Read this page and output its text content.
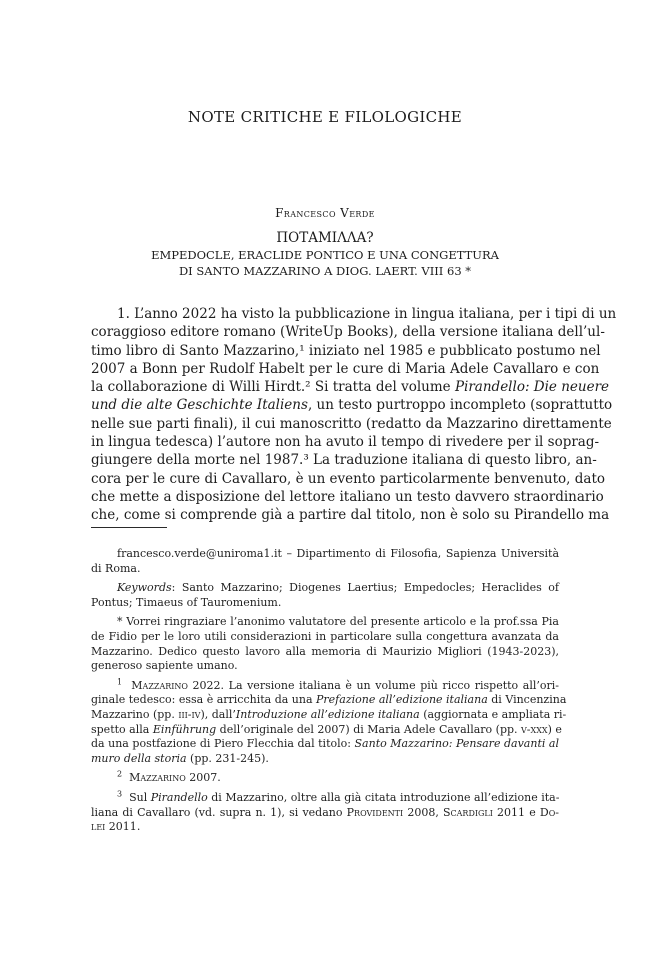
NOTE CRITICHE E FILOLOGICHE
Francesco Verde
ΠΟΤΑΜΙΛΛΑ?
EMPEDOCLE, ERACLIDE PONTICO E UNA CONGETTURA
DI SANTO MAZZARINO A DIOG. LAERT. VIII 63 *
1. L’anno 2022 ha visto la pubblicazione in lingua italiana, per i tipi di un
coraggioso editore romano (WriteUp Books), della versione italiana dell’ul-
timo libro di Santo Mazzarino,¹ iniziato nel 1985 e pubblicato postumo nel
2007 a Bonn per Rudolf Habelt per le cure di Maria Adele Cavallaro e con
la collaborazione di Willi Hirdt.² Si tratta del volume Pirandello: Die neuere
und die alte Geschichte Italiens, un testo purtroppo incompleto (soprattutto
nelle sue parti finali), il cui manoscritto (redatto da Mazzarino direttamente
in lingua tedesca) l’autore non ha avuto il tempo di rivedere per il soprag-
giungere della morte nel 1987.³ La traduzione italiana di questo libro, an-
cora per le cure di Cavallaro, è un evento particolarmente benvenuto, dato
che mette a disposizione del lettore italiano un testo davvero straordinario
che, come si comprende già a partire dal titolo, non è solo su Pirandello ma

francesco.verde@uniroma1.it – Dipartimento di Filosofia, Sapienza Università
di Roma.

Keywords: Santo Mazzarino; Diogenes Laertius; Empedocles; Heraclides of
Pontus; Timaeus of Tauromenium.

* Vorrei ringraziare l’anonimo valutatore del presente articolo e la prof.ssa Pia
de Fidio per le loro utili considerazioni in particolare sulla congettura avanzata da
Mazzarino. Dedico questo lavoro alla memoria di Maurizio Migliori (1943-2023),
generoso sapiente umano.

$^1$ Mazzarino 2022. La versione italiana è un volume più ricco rispetto all’ori-
ginale tedesco: essa è arricchita da una Prefazione all’edizione italiana di Vincenzina
Mazzarino (pp. iii-iv), dall’Introduzione all’edizione italiana (aggiornata e ampliata ri-
spetto alla Einführung dell’originale del 2007) di Maria Adele Cavallaro (pp. v-xxx) e
da una postfazione di Piero Flecchia dal titolo: Santo Mazzarino: Pensare davanti al
muro della storia (pp. 231-245).

$^2$ Mazzarino 2007.

$^3$ Sul Pirandello di Mazzarino, oltre alla già citata introduzione all’edizione ita-
liana di Cavallaro (vd. supra n. 1), si vedano Providenti 2008, Scardigli 2011 e Do-
lei 2011.
